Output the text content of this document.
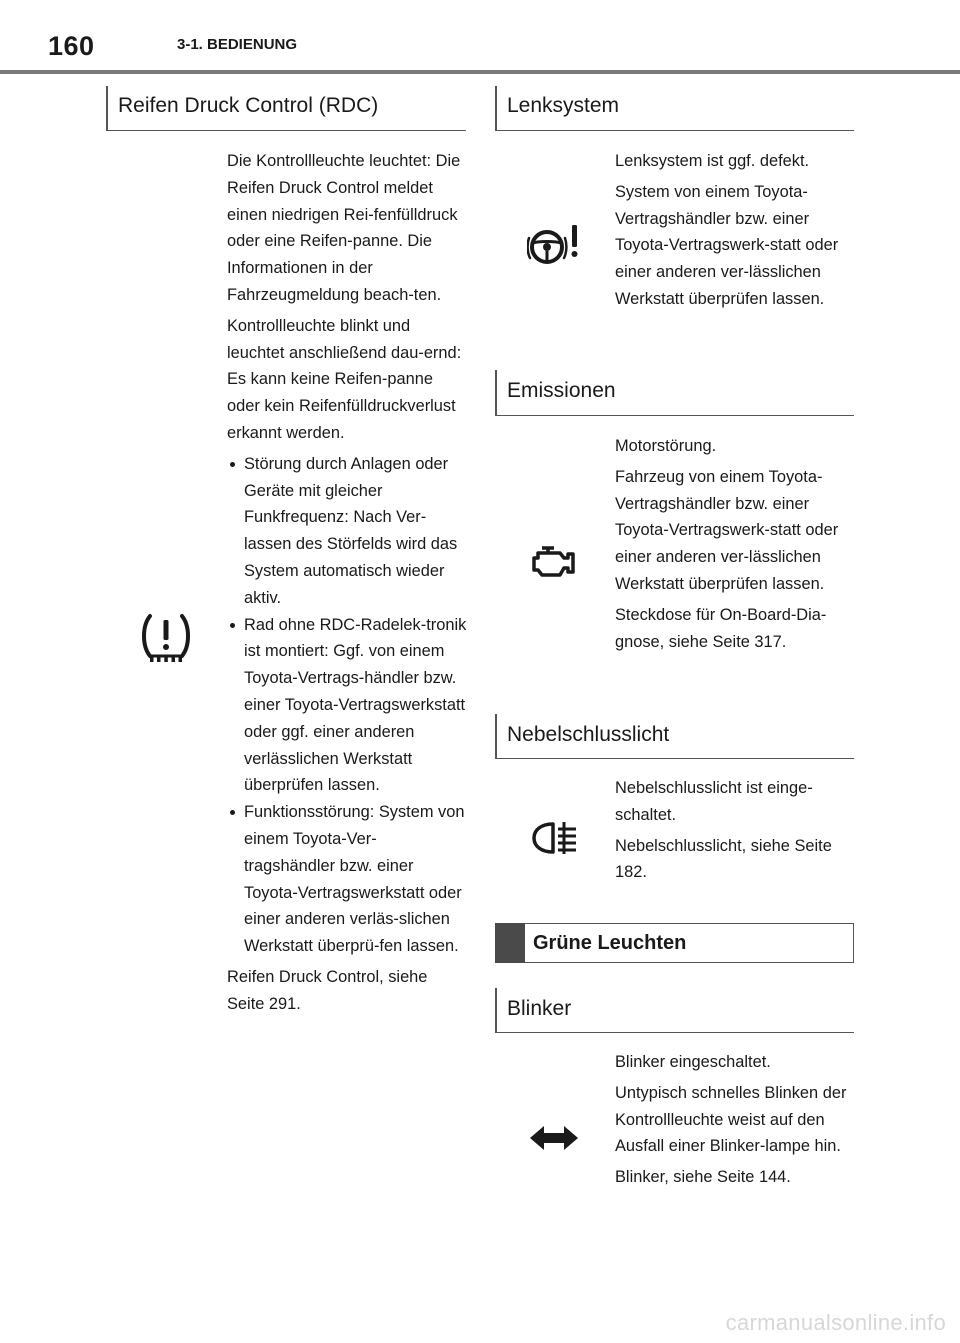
160	3-1. BEDIENUNG
Reifen Druck Control (RDC)

Die Kontrollleuchte leuchtet: Die Reifen Druck Control meldet einen niedrigen Rei-fenfülldruck oder eine Reifen-panne. Die Informationen in der Fahrzeugmeldung beach-ten.

Kontrollleuchte blinkt und leuchtet anschließend dau-ernd: Es kann keine Reifen-panne oder kein Reifenfülldruckverlust erkannt werden.

Störung durch Anlagen oder Geräte mit gleicher Funkfrequenz: Nach Ver-lassen des Störfelds wird das System automatisch wieder aktiv.
Rad ohne RDC-Radelek-tronik ist montiert: Ggf. von einem Toyota-Vertrags-händler bzw. einer Toyota-Vertragswerkstatt oder ggf. einer anderen verlässlichen Werkstatt überprüfen lassen.
Funktionsstörung: System von einem Toyota-Ver-tragshändler bzw. einer Toyota-Vertragswerkstatt oder einer anderen verläs-slichen Werkstatt überprü-fen lassen.

Reifen Druck Control, siehe Seite 291.

Lenksystem

Lenksystem ist ggf. defekt.

System von einem Toyota-Vertragshändler bzw. einer Toyota-Vertragswerk-statt oder einer anderen ver-lässlichen Werkstatt überprüfen lassen.

Emissionen

Motorstörung.

Fahrzeug von einem Toyota-Vertragshändler bzw. einer Toyota-Vertragswerk-statt oder einer anderen ver-lässlichen Werkstatt überprüfen lassen.

Steckdose für On-Board-Dia-gnose, siehe Seite 317.

Nebelschlusslicht

Nebelschlusslicht ist einge-schaltet.

Nebelschlusslicht, siehe Seite 182.

Grüne Leuchten
Blinker

Blinker eingeschaltet.

Untypisch schnelles Blinken der Kontrollleuchte weist auf den Ausfall einer Blinker-lampe hin.

Blinker, siehe Seite 144.

carmanualsonline.info
